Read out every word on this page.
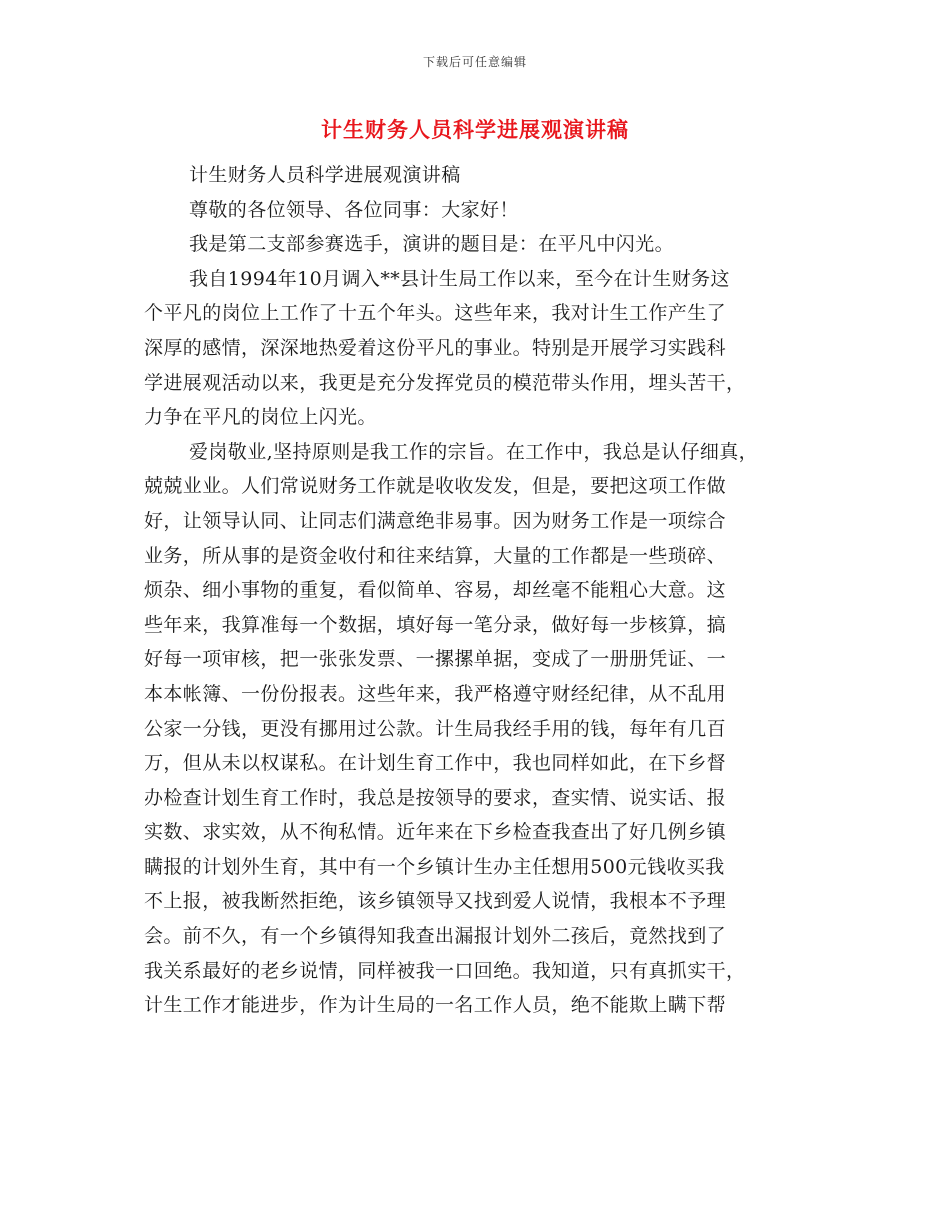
下载后可任意编辑
计生财务人员科学进展观演讲稿
计生财务人员科学进展观演讲稿
尊敬的各位领导、各位同事：大家好！
我是第二支部参赛选手，演讲的题目是：在平凡中闪光。
我自1994年10月调入**县计生局工作以来，至今在计生财务这
个平凡的岗位上工作了十五个年头。这些年来，我对计生工作产生了
深厚的感情，深深地热爱着这份平凡的事业。特别是开展学习实践科
学进展观活动以来，我更是充分发挥党员的模范带头作用，埋头苦干，
力争在平凡的岗位上闪光。
爱岗敬业,坚持原则是我工作的宗旨。在工作中，我总是认仔细真，
兢兢业业。人们常说财务工作就是收收发发，但是，要把这项工作做
好，让领导认同、让同志们满意绝非易事。因为财务工作是一项综合
业务，所从事的是资金收付和往来结算，大量的工作都是一些琐碎、
烦杂、细小事物的重复，看似简单、容易，却丝毫不能粗心大意。这
些年来，我算准每一个数据，填好每一笔分录，做好每一步核算，搞
好每一项审核，把一张张发票、一摞摞单据，变成了一册册凭证、一
本本帐簿、一份份报表。这些年来，我严格遵守财经纪律，从不乱用
公家一分钱，更没有挪用过公款。计生局我经手用的钱，每年有几百
万，但从未以权谋私。在计划生育工作中，我也同样如此，在下乡督
办检查计划生育工作时，我总是按领导的要求，查实情、说实话、报
实数、求实效，从不徇私情。近年来在下乡检查我查出了好几例乡镇
瞒报的计划外生育，其中有一个乡镇计生办主任想用500元钱收买我
不上报，被我断然拒绝，该乡镇领导又找到爱人说情，我根本不予理
会。前不久，有一个乡镇得知我查出漏报计划外二孩后，竟然找到了
我关系最好的老乡说情，同样被我一口回绝。我知道，只有真抓实干，
计生工作才能进步，作为计生局的一名工作人员，绝不能欺上瞒下帮
